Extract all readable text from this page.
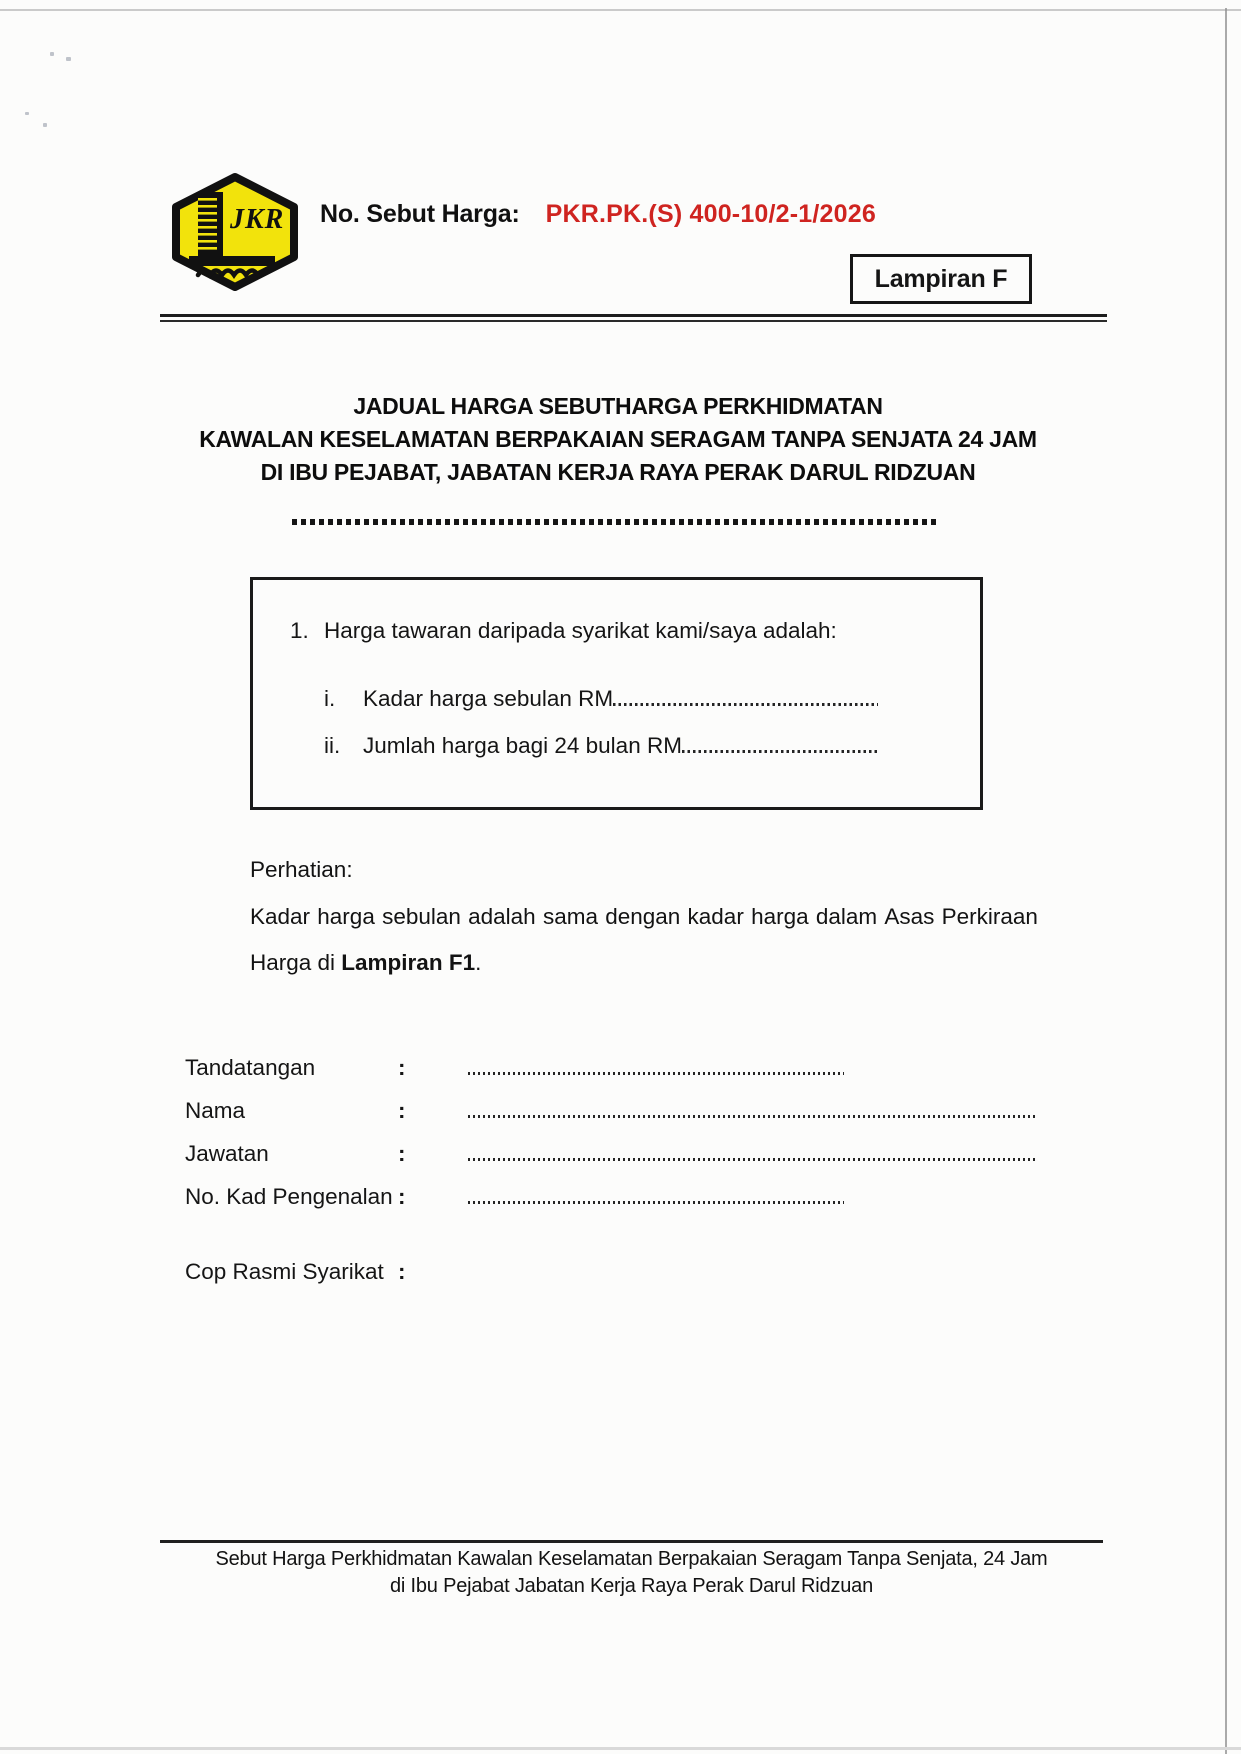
JKR No. Sebut Harga: PKR.PK.(S) 400-10/2-1/2026
Lampiran F
JADUAL HARGA SEBUTHARGA PERKHIDMATAN
KAWALAN KESELAMATAN BERPAKAIAN SERAGAM TANPA SENJATA 24 JAM
DI IBU PEJABAT, JABATAN KERJA RAYA PERAK DARUL RIDZUAN
1. Harga tawaran daripada syarikat kami/saya adalah:
i.	Kadar harga sebulan RM
ii.	Jumlah harga bagi 24 bulan RM
Perhatian:
Kadar harga sebulan adalah sama dengan kadar harga dalam Asas Perkiraan
Harga di Lampiran F1.
Tandatangan	:
Nama	:
Jawatan	:
No. Kad Pengenalan :
Cop Rasmi Syarikat :
Sebut Harga Perkhidmatan Kawalan Keselamatan Berpakaian Seragam Tanpa Senjata, 24 Jam
di Ibu Pejabat Jabatan Kerja Raya Perak Darul Ridzuan
